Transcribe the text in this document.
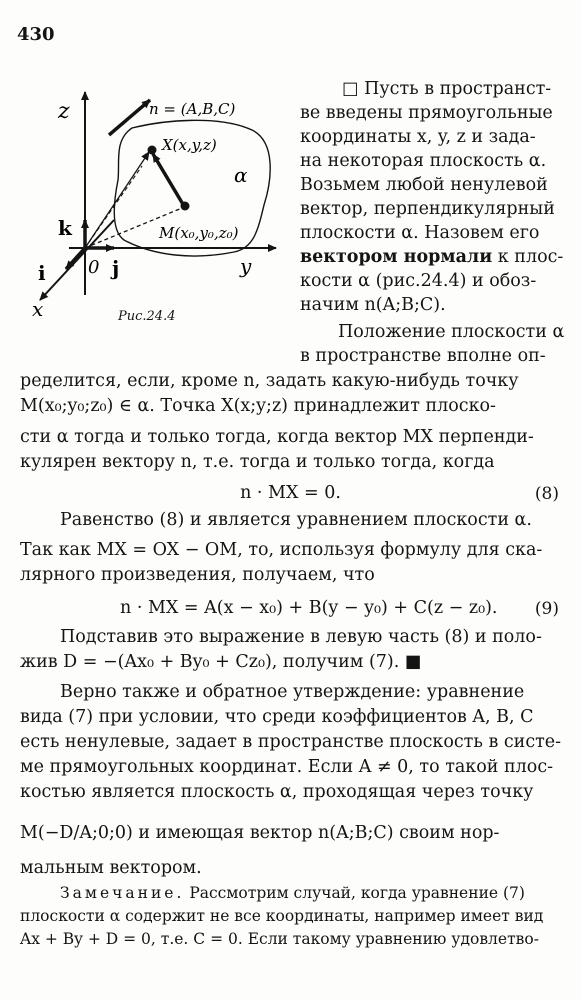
430
z
y
x
0
k
i	j
n = (A,B,C)
X(x,y,z)
M(x₀,y₀,z₀)
α
Рис.24.4
□ Пусть в пространст-
ве введены прямоугольные
координаты x, y, z и зада-
на некоторая плоскость α.
Возьмем любой ненулевой
вектор, перпендикулярный
плоскости α. Назовем его
вектором нормали к плос-
кости α (рис.24.4) и обоз-
начим n(A;B;C).
Положение плоскости α
в пространстве вполне оп-
ределится, если, кроме n, задать какую-нибудь точку
M(x₀;y₀;z₀) ∈ α. Точка X(x;y;z) принадлежит плоско-
сти α тогда и только тогда, когда вектор MX перпенди-
кулярен вектору n, т.е. тогда и только тогда, когда
n · MX = 0.	(8)
Равенство (8) и является уравнением плоскости α.
Так как MX = OX − OM, то, используя формулу для ска-
лярного произведения, получаем, что
n · MX = A(x − x₀) + B(y − y₀) + C(z − z₀). (9)
Подставив это выражение в левую часть (8) и поло-
жив D = −(Ax₀ + By₀ + Cz₀), получим (7). ■
Верно также и обратное утверждение: уравнение
вида (7) при условии, что среди коэффициентов A, B, C
есть ненулевые, задает в пространстве плоскость в систе-
ме прямоугольных координат. Если A ≠ 0, то такой плос-
костью является плоскость α, проходящая через точку
M(−D/A;0;0) и имеющая вектор n(A;B;C) своим нор-
мальным вектором.
Замечание. Рассмотрим случай, когда уравнение (7)
плоскости α содержит не все координаты, например имеет вид
Ax + By + D = 0, т.е. C = 0. Если такому уравнению удовлетво-
